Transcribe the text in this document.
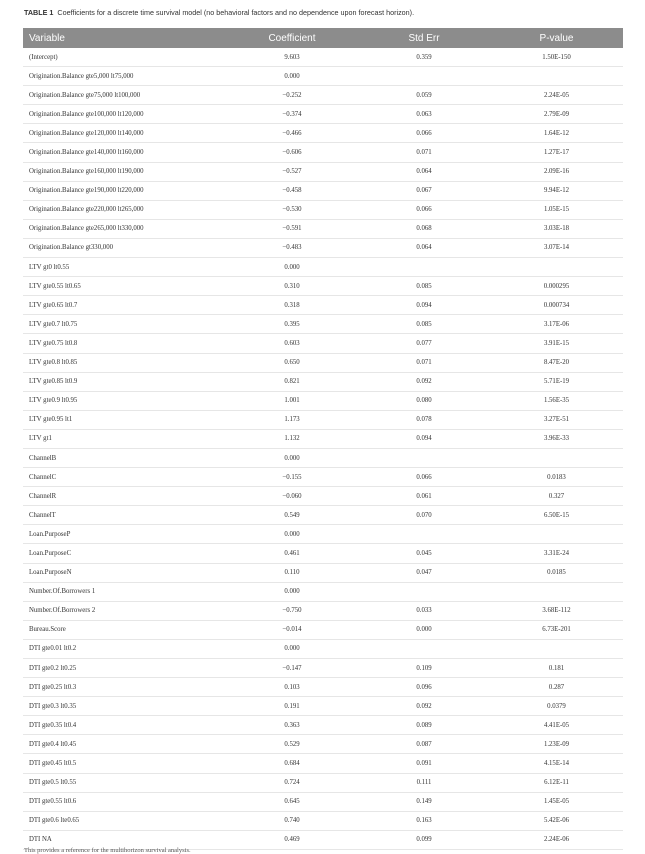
TABLE 1 Coefficients for a discrete time survival model (no behavioral factors and no dependence upon forecast horizon).
Variable	Coefficient	Std Err	P-value
(Intercept)	9.603	0.359	1.50E-150
Origination.Balance gte5,000 lt75,000	0.000		
Origination.Balance gte75,000 lt100,000	−0.252	0.059	2.24E-05
Origination.Balance gte100,000 lt120,000	−0.374	0.063	2.79E-09
Origination.Balance gte120,000 lt140,000	−0.466	0.066	1.64E-12
Origination.Balance gte140,000 lt160,000	−0.606	0.071	1.27E-17
Origination.Balance gte160,000 lt190,000	−0.527	0.064	2.09E-16
Origination.Balance gte190,000 lt220,000	−0.458	0.067	9.94E-12
Origination.Balance gte220,000 lt265,000	−0.530	0.066	1.05E-15
Origination.Balance gte265,000 lt330,000	−0.591	0.068	3.03E-18
Origination.Balance gt330,000	−0.483	0.064	3.07E-14
LTV gt0 lt0.55	0.000		
LTV gte0.55 lt0.65	0.310	0.085	0.000295
LTV gte0.65 lt0.7	0.318	0.094	0.000734
LTV gte0.7 lt0.75	0.395	0.085	3.17E-06
LTV gte0.75 lt0.8	0.603	0.077	3.91E-15
LTV gte0.8 lt0.85	0.650	0.071	8.47E-20
LTV gte0.85 lt0.9	0.821	0.092	5.71E-19
LTV gte0.9 lt0.95	1.001	0.080	1.56E-35
LTV gte0.95 lt1	1.173	0.078	3.27E-51
LTV gt1	1.132	0.094	3.96E-33
ChannelB	0.000		
ChannelC	−0.155	0.066	0.0183
ChannelR	−0.060	0.061	0.327
ChannelT	0.549	0.070	6.50E-15
Loan.PurposeP	0.000		
Loan.PurposeC	0.461	0.045	3.31E-24
Loan.PurposeN	0.110	0.047	0.0185
Number.Of.Borrowers 1	0.000		
Number.Of.Borrowers 2	−0.750	0.033	3.68E-112
Bureau.Score	−0.014	0.000	6.73E-201
DTI gte0.01 lt0.2	0.000		
DTI gte0.2 lt0.25	−0.147	0.109	0.181
DTI gte0.25 lt0.3	0.103	0.096	0.287
DTI gte0.3 lt0.35	0.191	0.092	0.0379
DTI gte0.35 lt0.4	0.363	0.089	4.41E-05
DTI gte0.4 lt0.45	0.529	0.087	1.23E-09
DTI gte0.45 lt0.5	0.684	0.091	4.15E-14
DTI gte0.5 lt0.55	0.724	0.111	6.12E-11
DTI gte0.55 lt0.6	0.645	0.149	1.45E-05
DTI gte0.6 lte0.65	0.740	0.163	5.42E-06
DTI NA	0.469	0.099	2.24E-06
This provides a reference for the multihorizon survival analysis.
